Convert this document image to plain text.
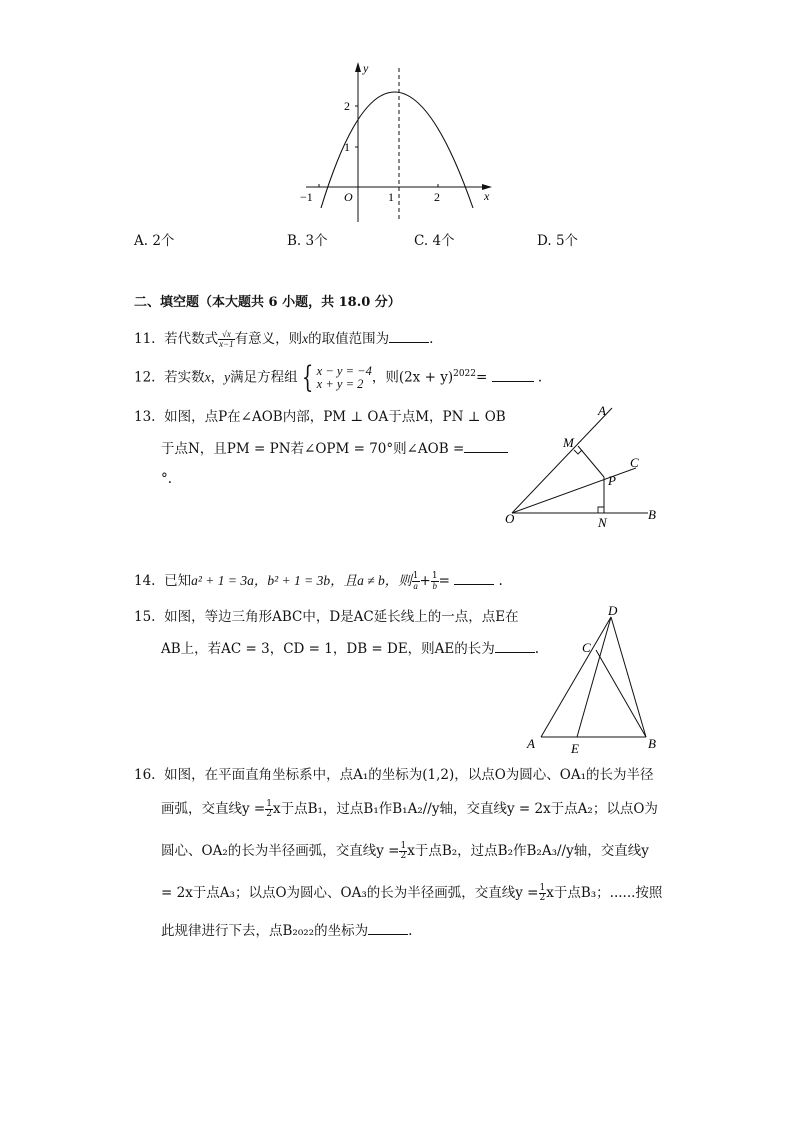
y
x
2
1
−1	O	1	2
A. 2个	B. 3个	C. 4个	D. 5个
二、填空题（本大题共 6 小题，共 18.0 分）
11. 若代数式 $\frac{√x}{x-1}$ 有意义，则x的取值范围为	.
12. 若实数x，y满足方程组 { x − y = −4
x + y = 2 ，则$(2x + y)^{2022}=$	.
13. 如图，点P在∠AOB内部，PM ⊥ OA于点M，PN ⊥ OB
于点N，且PM = PN若∠OPM = 70°则∠AOB =
°.
A
M
C
P
O	N
B
14. 已知a² + 1 = 3a，b² + 1 = 3b，且a ≠ b，则 $\frac{1}{a} + \frac{1}{b}$ =	.
15. 如图，等边三角形ABC中，D是AC延长线上的一点，点E在
AB上，若AC = 3，CD = 1，DB = DE，则AE的长为	.
D
C
A	E	B
16. 如图，在平面直角坐标系中，点A₁的坐标为(1,2)，以点O为圆心、OA₁的长为半径
画弧，交直线$y = \frac{1}{2}$ x于点B₁，过点B₁作B₁A₂//y轴，交直线y = 2x于点A₂；以点O为
圆心、OA₂的长为半径画弧，交直线$y = \frac{1}{2}$ x于点B₂，过点B₂作B₂A₃//y轴，交直线y
= 2x于点A₃；以点O为圆心、OA₃的长为半径画弧，交直线$y = \frac{1}{2}$ x于点B₃；......按照
此规律进行下去，点B₂₀₂₂的坐标为	.
